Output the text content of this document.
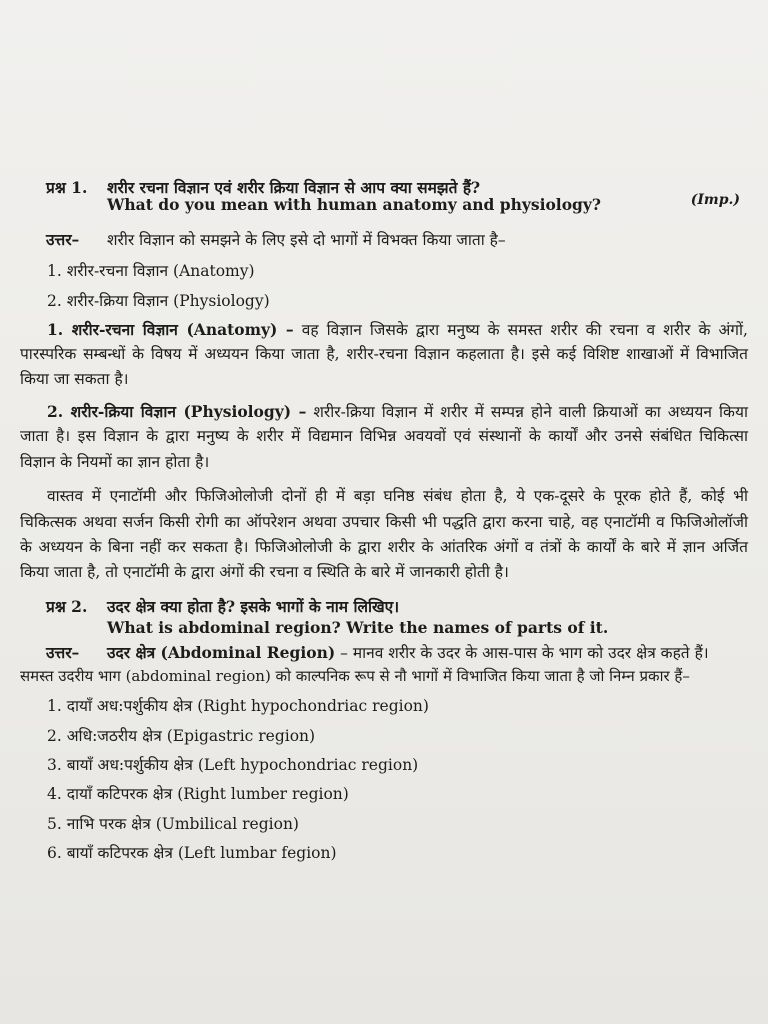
प्रश्न 1. शरीर रचना विज्ञान एवं शरीर क्रिया विज्ञान से आप क्या समझते हैं?
What do you mean with human anatomy and physiology?	(Imp.)
उत्तर– शरीर विज्ञान को समझने के लिए इसे दो भागों में विभक्त किया जाता है–
1. शरीर-रचना विज्ञान (Anatomy)
2. शरीर-क्रिया विज्ञान (Physiology)
1. शरीर-रचना विज्ञान (Anatomy) – वह विज्ञान जिसके द्वारा मनुष्य के समस्त शरीर की रचना व शरीर के अंगों,
पारस्परिक सम्बन्धों के विषय में अध्ययन किया जाता है, शरीर-रचना विज्ञान कहलाता है। इसे कई विशिष्ट शाखाओं में विभाजित
किया जा सकता है।
2. शरीर-क्रिया विज्ञान (Physiology) – शरीर-क्रिया विज्ञान में शरीर में सम्पन्न होने वाली क्रियाओं का अध्ययन किया
जाता है। इस विज्ञान के द्वारा मनुष्य के शरीर में विद्यमान विभिन्न अवयवों एवं संस्थानों के कार्यों और उनसे संबंधित चिकित्सा
विज्ञान के नियमों का ज्ञान होता है।
वास्तव में एनाटॉमी और फिजिओलोजी दोनों ही में बड़ा घनिष्ठ संबंध होता है, ये एक-दूसरे के पूरक होते हैं, कोई भी
चिकित्सक अथवा सर्जन किसी रोगी का ऑपरेशन अथवा उपचार किसी भी पद्धति द्वारा करना चाहे, वह एनाटॉमी व फिजिओलॉजी
के अध्ययन के बिना नहीं कर सकता है। फिजिओलोजी के द्वारा शरीर के आंतरिक अंगों व तंत्रों के कार्यों के बारे में ज्ञान अर्जित
किया जाता है, तो एनाटॉमी के द्वारा अंगों की रचना व स्थिति के बारे में जानकारी होती है।
प्रश्न 2. उदर क्षेत्र क्या होता है? इसके भागों के नाम लिखिए।
What is abdominal region? Write the names of parts of it.
उत्तर– उदर क्षेत्र (Abdominal Region) – मानव शरीर के उदर के आस-पास के भाग को उदर क्षेत्र कहते हैं।
समस्त उदरीय भाग (abdominal region) को काल्पनिक रूप से नौ भागों में विभाजित किया जाता है जो निम्न प्रकार हैं–
1. दायाँ अध:पर्शुकीय क्षेत्र (Right hypochondriac region)
2. अधि:जठरीय क्षेत्र (Epigastric region)
3. बायाँ अध:पर्शुकीय क्षेत्र (Left hypochondriac region)
4. दायाँ कटिपरक क्षेत्र (Right lumber region)
5. नाभि परक क्षेत्र (Umbilical region)
6. बायाँ कटिपरक क्षेत्र (Left lumbar fegion)
